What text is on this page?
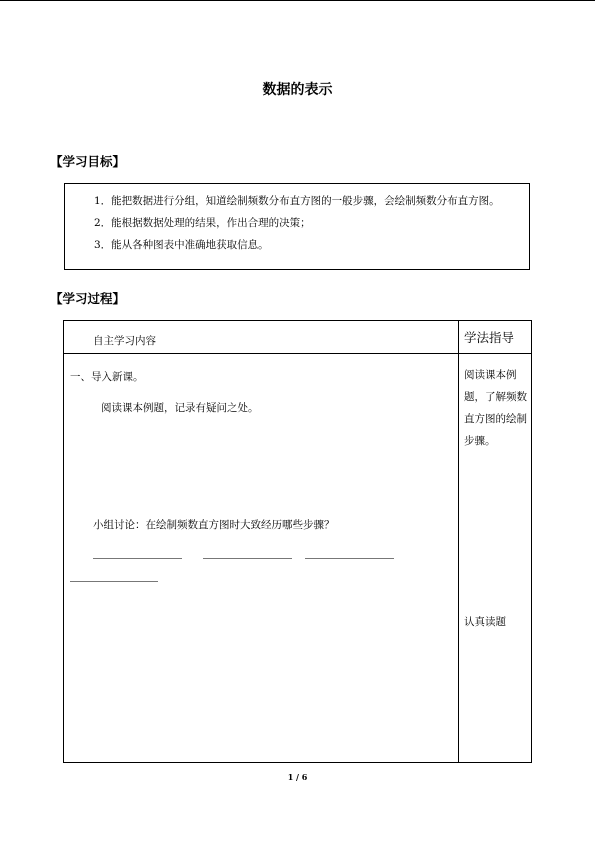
数据的表示
【学习目标】

1．能把数据进行分组，知道绘制频数分布直方图的一般步骤，会绘制频数分布直方图。

2．能根据数据处理的结果，作出合理的决策；

3．能从各种图表中准确地获取信息。

【学习过程】
自主学习内容	学法指导
一、导入新课。
阅读课本例题，记录有疑问之处。
小组讨论：在绘制频数直方图时大致经历哪些步骤？
阅读课本例题，了解频数直方图的绘制步骤。
认真读题
1 / 6
